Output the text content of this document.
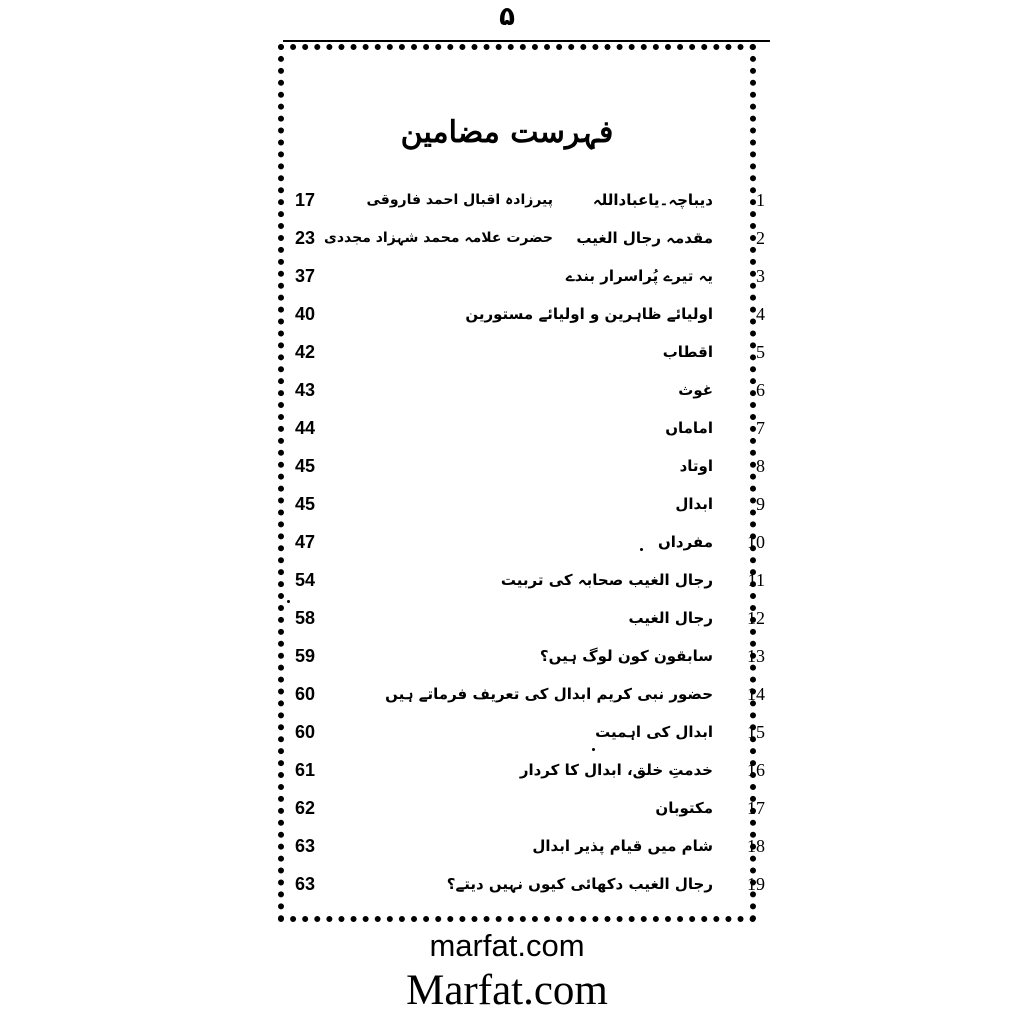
۵
فہرست مضامین
1
دیباچہ۔یاعباداللہ
پیرزادہ اقبال احمد فاروقی
17
2
مقدمہ رجال الغیب
حضرت علامہ محمد شہزاد مجددی
23
3
یہ تیرے پُراسرار بندے
37
4
اولیائے ظاہرین و اولیائے مستورین
40
5
اقطاب
42
6
غوث
43
7
اماماں
44
8
اوتاد
45
9
ابدال
45
10
مفرداں
47
11
رجال الغیب صحابہ کی تربیت
54
12
رجال الغیب
58
13
سابقون کون لوگ ہیں؟
59
14
حضور نبی کریم ابدال کی تعریف فرماتے ہیں
60
15
ابدال کی اہمیت
60
16
خدمتِ خلق، ابدال کا کردار
61
17
مکتوبان
62
18
شام میں قیام پذیر ابدال
63
19
رجال الغیب دکھائی کیوں نہیں دیتے؟
63
marfat.com
Marfat.com
